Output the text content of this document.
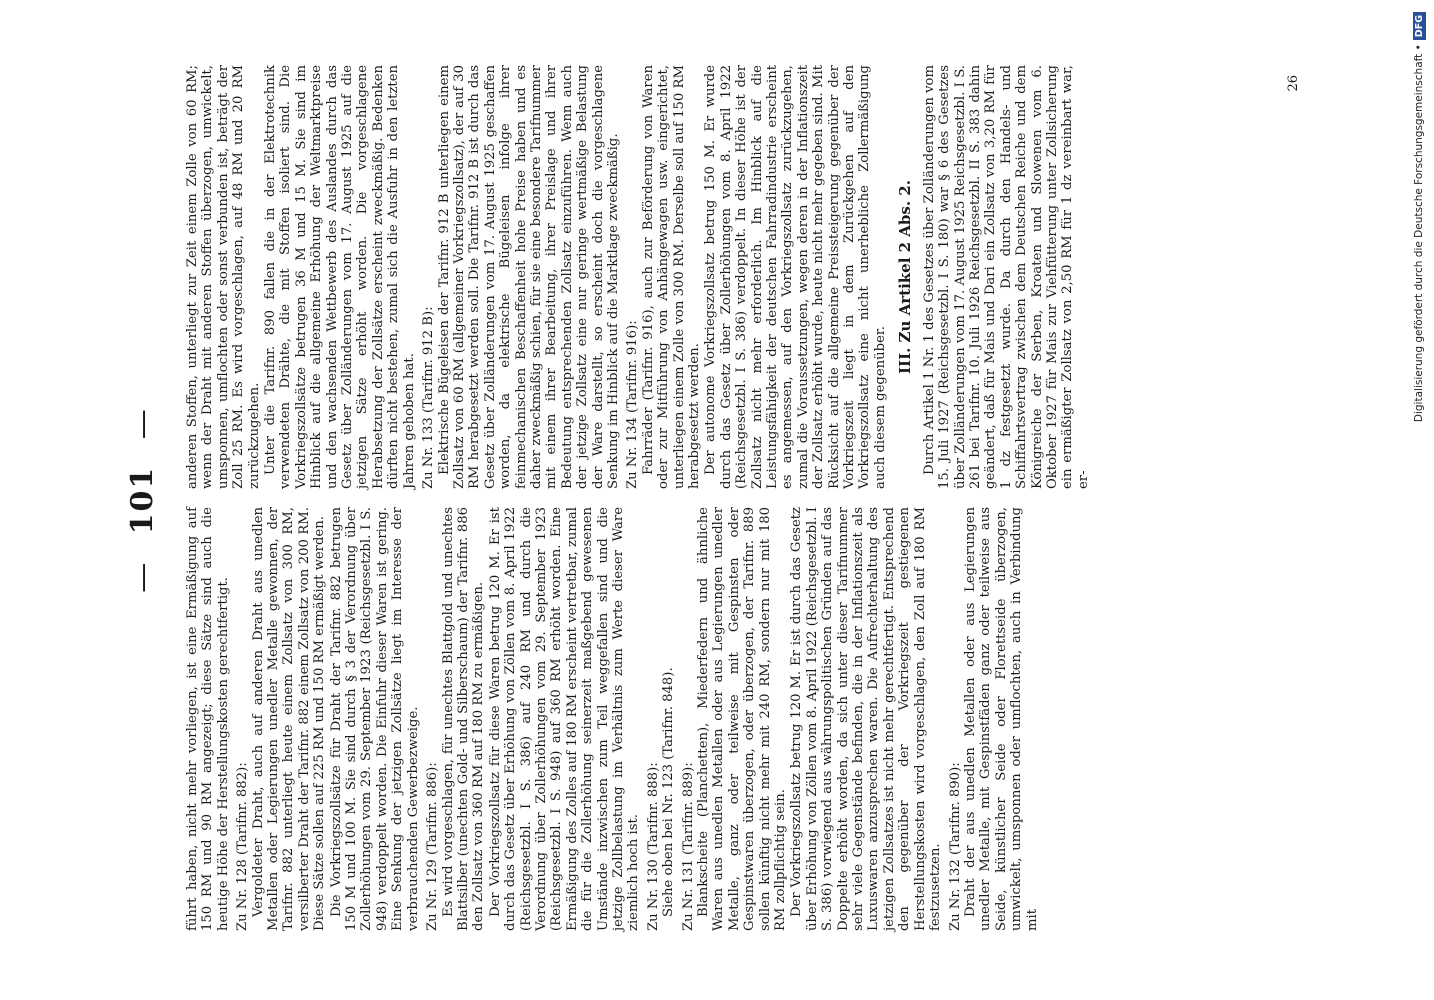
— 101 —

führt haben, nicht mehr vorliegen, ist eine Ermäßigung auf 150 RM und 90 RM angezeigt; diese Sätze sind auch die heutige Höhe der Herstellungskosten gerechtfertigt. Zu Nr. 128 (Tarifnr. 882): Vergoldeter Draht, auch auf anderen Draht aus unedlen Metallen oder Legierungen unedler Metalle gewonnen, der Tarifnr. 882 unterliegt heute einem Zollsatz von 300 RM, versilberter Draht der Tarifnr. 882 einem Zollsatz von 200 RM. Diese Sätze sollen auf 225 RM und 150 RM ermäßigt werden. Die Vorkriegszollsätze für Draht der Tarifnr. 882 betrugen 150 M und 100 M. Sie sind durch § 3 der Verordnung über Zollerhöhungen vom 29. September 1923 (Reichsgesetzbl. I S. 948) verdoppelt worden. Die Einfuhr dieser Waren ist gering. Eine Senkung der jetzigen Zollsätze liegt im Interesse der verbrauchenden Gewerbezweige. Zu Nr. 129 (Tarifnr. 886): Es wird vorgeschlagen, für unechtes Blattgold und unechtes Blattsilber (unechten Gold- und Silberschaum) der Tarifnr. 886 den Zollsatz von 360 RM auf 180 RM zu ermäßigen. Der Vorkriegszollsatz für diese Waren betrug 120 M. Er ist durch das Gesetz über Erhöhung von Zöllen vom 8. April 1922 (Reichsgesetzbl. I S. 386) auf 240 RM und durch die Verordnung über Zollerhöhungen vom 29. September 1923 (Reichsgesetzbl. I S. 948) auf 360 RM erhöht worden. Eine Ermäßigung des Zolles auf 180 RM erscheint vertretbar, zumal die für die Zollerhöhung seinerzeit maßgebend gewesenen Umstände inzwischen zum Teil weggefallen sind und die jetzige Zollbelastung im Verhältnis zum Werte dieser Ware ziemlich hoch ist. Zu Nr. 130 (Tarifnr. 888): Siehe oben bei Nr. 123 (Tarifnr. 848). Zu Nr. 131 (Tarifnr. 889): Blankscheite (Planchetten), Miederfedern und ähnliche Waren aus unedlen Metallen oder aus Legierungen unedler Metalle, ganz oder teilweise mit Gespinsten oder Gespinstwaren überzogen, oder überzogen, der Tarifnr. 889 sollen künftig nicht mehr mit 240 RM, sondern nur mit 180 RM zollpflichtig sein. Der Vorkriegszollsatz betrug 120 M. Er ist durch das Gesetz über Erhöhung von Zöllen vom 8. April 1922 (Reichsgesetzbl. I S. 386) vorwiegend aus währungspolitischen Gründen auf das Doppelte erhöht worden, da sich unter dieser Tarifnummer sehr viele Gegenstände befinden, die in der Inflationszeit als Luxuswaren anzusprechen waren. Die Aufrechterhaltung des jetzigen Zollsatzes ist nicht mehr gerechtfertigt. Entsprechend den gegenüber der Vorkriegszeit gestiegenen Herstellungskosten wird vorgeschlagen, den Zoll auf 180 RM festzusetzen. Zu Nr. 132 (Tarifnr. 890): Draht der aus unedlen Metallen oder aus Legierungen unedler Metalle, mit Gespinstfäden ganz oder teilweise aus Seide, künstlicher Seide oder Florettseide überzogen, umwickelt, umsponnen oder umflochten, auch in Verbindung mit

anderen Stoffen, unterliegt zur Zeit einem Zolle von 60 RM; wenn der Draht mit anderen Stoffen überzogen, umwickelt, umsponnen, umflochten oder sonst verbunden ist, beträgt der Zoll 25 RM. Es wird vorgeschlagen, auf 48 RM und 20 RM zurückzugehen. Unter die Tarifnr. 890 fallen die in der Elektrotechnik verwendeten Drähte, die mit Stoffen isoliert sind. Die Vorkriegszollsätze betrugen 36 M und 15 M. Sie sind im Hinblick auf die allgemeine Erhöhung der Weltmarktpreise und den wachsenden Wettbewerb des Auslandes durch das Gesetz über Zolländerungen vom 17. August 1925 auf die jetzigen Sätze erhöht worden. Die vorgeschlagene Herabsetzung der Zollsätze erscheint zweckmäßig. Bedenken dürften nicht bestehen, zumal sich die Ausfuhr in den letzten Jahren gehoben hat. Zu Nr. 133 (Tarifnr. 912 B): Elektrische Bügeleisen der Tarifnr. 912 B unterliegen einem Zollsatz von 60 RM (allgemeiner Vorkriegszollsatz), der auf 30 RM herabgesetzt werden soll. Die Tarifnr. 912 B ist durch das Gesetz über Zolländerungen vom 17. August 1925 geschaffen worden, da elektrische Bügeleisen infolge ihrer feinmechanischen Beschaffenheit hohe Preise haben und es daher zweckmäßig schien, für sie eine besondere Tarifnummer mit einem ihrer Bearbeitung, ihrer Preislage und ihrer Bedeutung entsprechenden Zollsatz einzuführen. Wenn auch der jetzige Zollsatz eine nur geringe wertmäßige Belastung der Ware darstellt, so erscheint doch die vorgeschlagene Senkung im Hinblick auf die Marktlage zweckmäßig. Zu Nr. 134 (Tarifnr. 916): Fahrräder (Tarifnr. 916), auch zur Beförderung von Waren oder zur Mitführung von Anhängewagen usw. eingerichtet, unterliegen einem Zolle von 300 RM. Derselbe soll auf 150 RM herabgesetzt werden. Der autonome Vorkriegszollsatz betrug 150 M. Er wurde durch das Gesetz über Zollerhöhungen vom 8. April 1922 (Reichsgesetzbl. I S. 386) verdoppelt. In dieser Höhe ist der Zollsatz nicht mehr erforderlich. Im Hinblick auf die Leistungsfähigkeit der deutschen Fahrradindustrie erscheint es angemessen, auf den Vorkriegszollsatz zurückzugehen, zumal die Voraussetzungen, wegen deren in der Inflationszeit der Zollsatz erhöht wurde, heute nicht mehr gegeben sind. Mit Rücksicht auf die allgemeine Preissteigerung gegenüber der Vorkriegszeit liegt in dem Zurückgehen auf den Vorkriegszollsatz eine nicht unerhebliche Zollermäßigung auch diesem gegenüber.

III. Zu Artikel 2 Abs. 2. Durch Artikel 1 Nr. 1 des Gesetzes über Zolländerungen vom 15. Juli 1927 (Reichsgesetzbl. I S. 180) war § 6 des Gesetzes über Zolländerungen vom 17. August 1925 Reichsgesetzbl. I S. 261 bei Tarifnr. 10. Juli 1926 Reichsgesetzbl. II S. 383 dahin geändert, daß für Mais und Dari ein Zollsatz von 3,20 RM für 1 dz festgesetzt wurde. Da durch den Handels- und Schiffahrtsvertrag zwischen dem Deutschen Reiche und dem Königreiche der Serben, Kroaten und Slowenen vom 6. Oktober 1927 für Mais zur Viehfütterung unter Zollsicherung ein ermäßigter Zollsatz von 2,50 RM für 1 dz vereinbart war, er-

26	Digitalisierung gefördert durch die Deutsche Forschungsgemeinschaft •DFG
